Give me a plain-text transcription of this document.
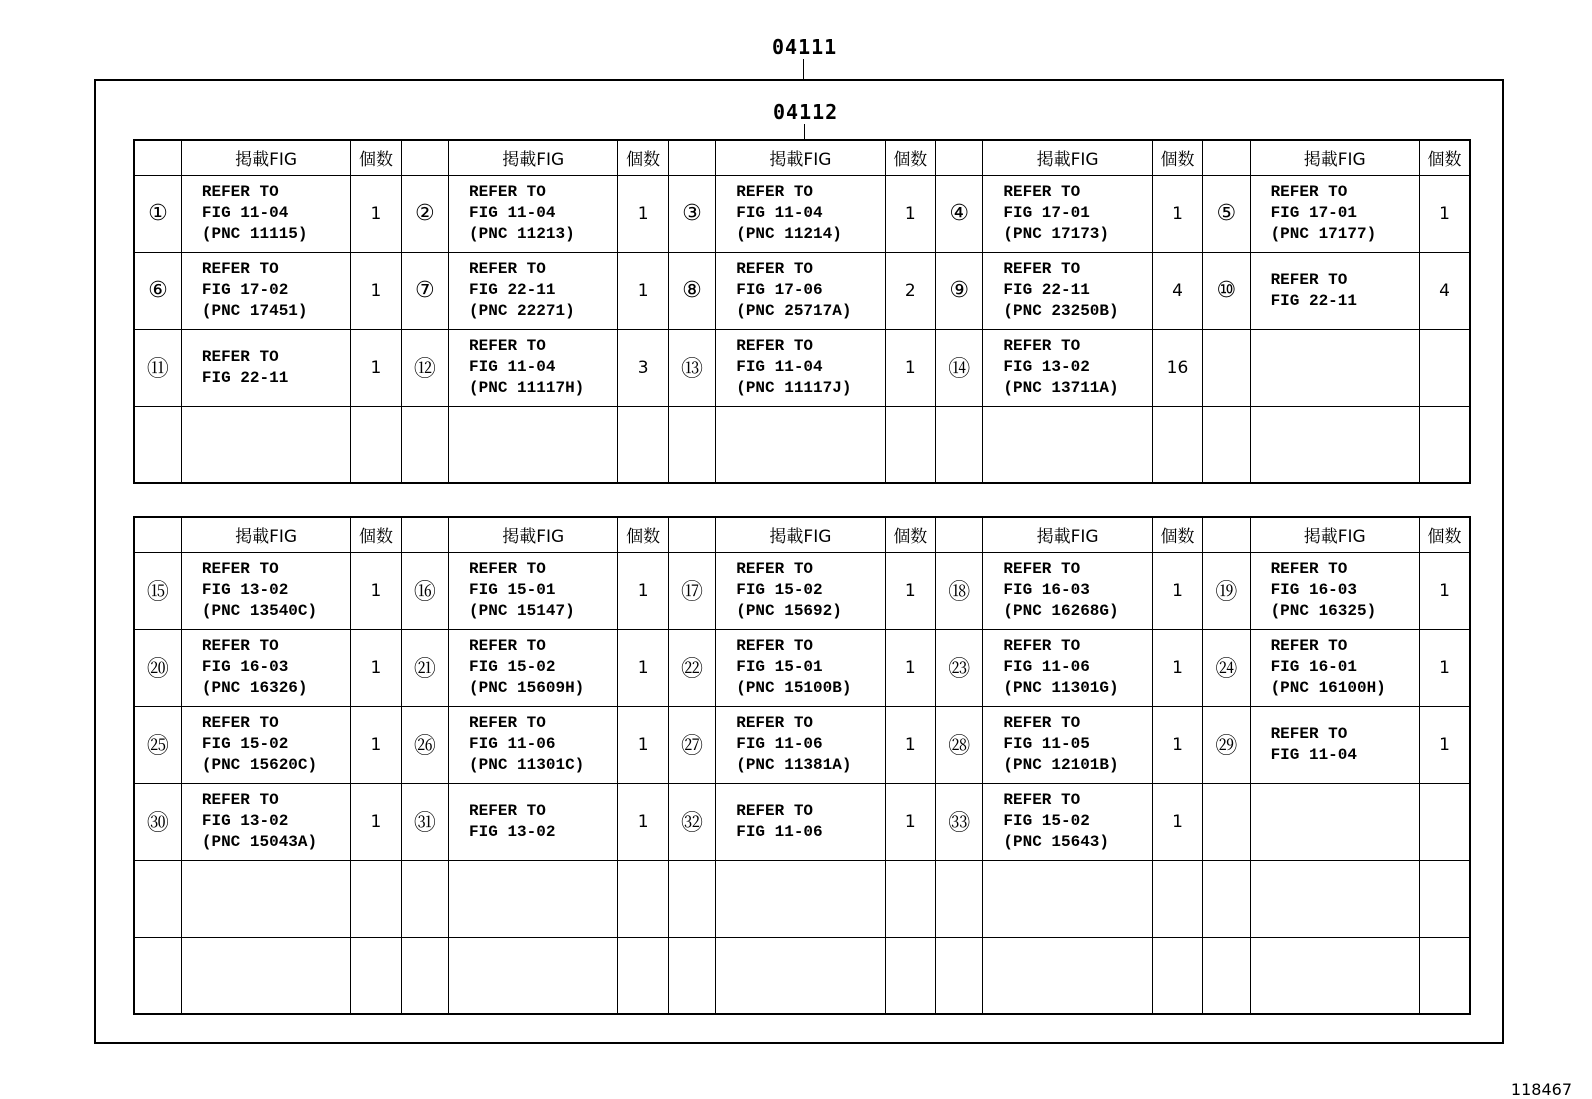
04111
04112
	掲載FIG	個数		掲載FIG	個数		掲載FIG	個数		掲載FIG	個数		掲載FIG	個数
①	REFER TO
FIG 11-04
(PNC 11115)	1	②	REFER TO
FIG 11-04
(PNC 11213)	1	③	REFER TO
FIG 11-04
(PNC 11214)	1	④	REFER TO
FIG 17-01
(PNC 17173)	1	⑤	REFER TO
FIG 17-01
(PNC 17177)	1
⑥	REFER TO
FIG 17-02
(PNC 17451)	1	⑦	REFER TO
FIG 22-11
(PNC 22271)	1	⑧	REFER TO
FIG 17-06
(PNC 25717A)	2	⑨	REFER TO
FIG 22-11
(PNC 23250B)	4	⑩	REFER TO
FIG 22-11	4
⑪	REFER TO
FIG 22-11	1	⑫	REFER TO
FIG 11-04
(PNC 11117H)	3	⑬	REFER TO
FIG 11-04
(PNC 11117J)	1	⑭	REFER TO
FIG 13-02
(PNC 13711A)	16			

	掲載FIG	個数		掲載FIG	個数		掲載FIG	個数		掲載FIG	個数		掲載FIG	個数
⑮	REFER TO
FIG 13-02
(PNC 13540C)	1	⑯	REFER TO
FIG 15-01
(PNC 15147)	1	⑰	REFER TO
FIG 15-02
(PNC 15692)	1	⑱	REFER TO
FIG 16-03
(PNC 16268G)	1	⑲	REFER TO
FIG 16-03
(PNC 16325)	1
⑳	REFER TO
FIG 16-03
(PNC 16326)	1	㉑	REFER TO
FIG 15-02
(PNC 15609H)	1	㉒	REFER TO
FIG 15-01
(PNC 15100B)	1	㉓	REFER TO
FIG 11-06
(PNC 11301G)	1	㉔	REFER TO
FIG 16-01
(PNC 16100H)	1
㉕	REFER TO
FIG 15-02
(PNC 15620C)	1	㉖	REFER TO
FIG 11-06
(PNC 11301C)	1	㉗	REFER TO
FIG 11-06
(PNC 11381A)	1	㉘	REFER TO
FIG 11-05
(PNC 12101B)	1	㉙	REFER TO
FIG 11-04	1
㉚	REFER TO
FIG 13-02
(PNC 15043A)	1	㉛	REFER TO
FIG 13-02	1	㉜	REFER TO
FIG 11-06	1	㉝	REFER TO
FIG 15-02
(PNC 15643)	1			

118467
